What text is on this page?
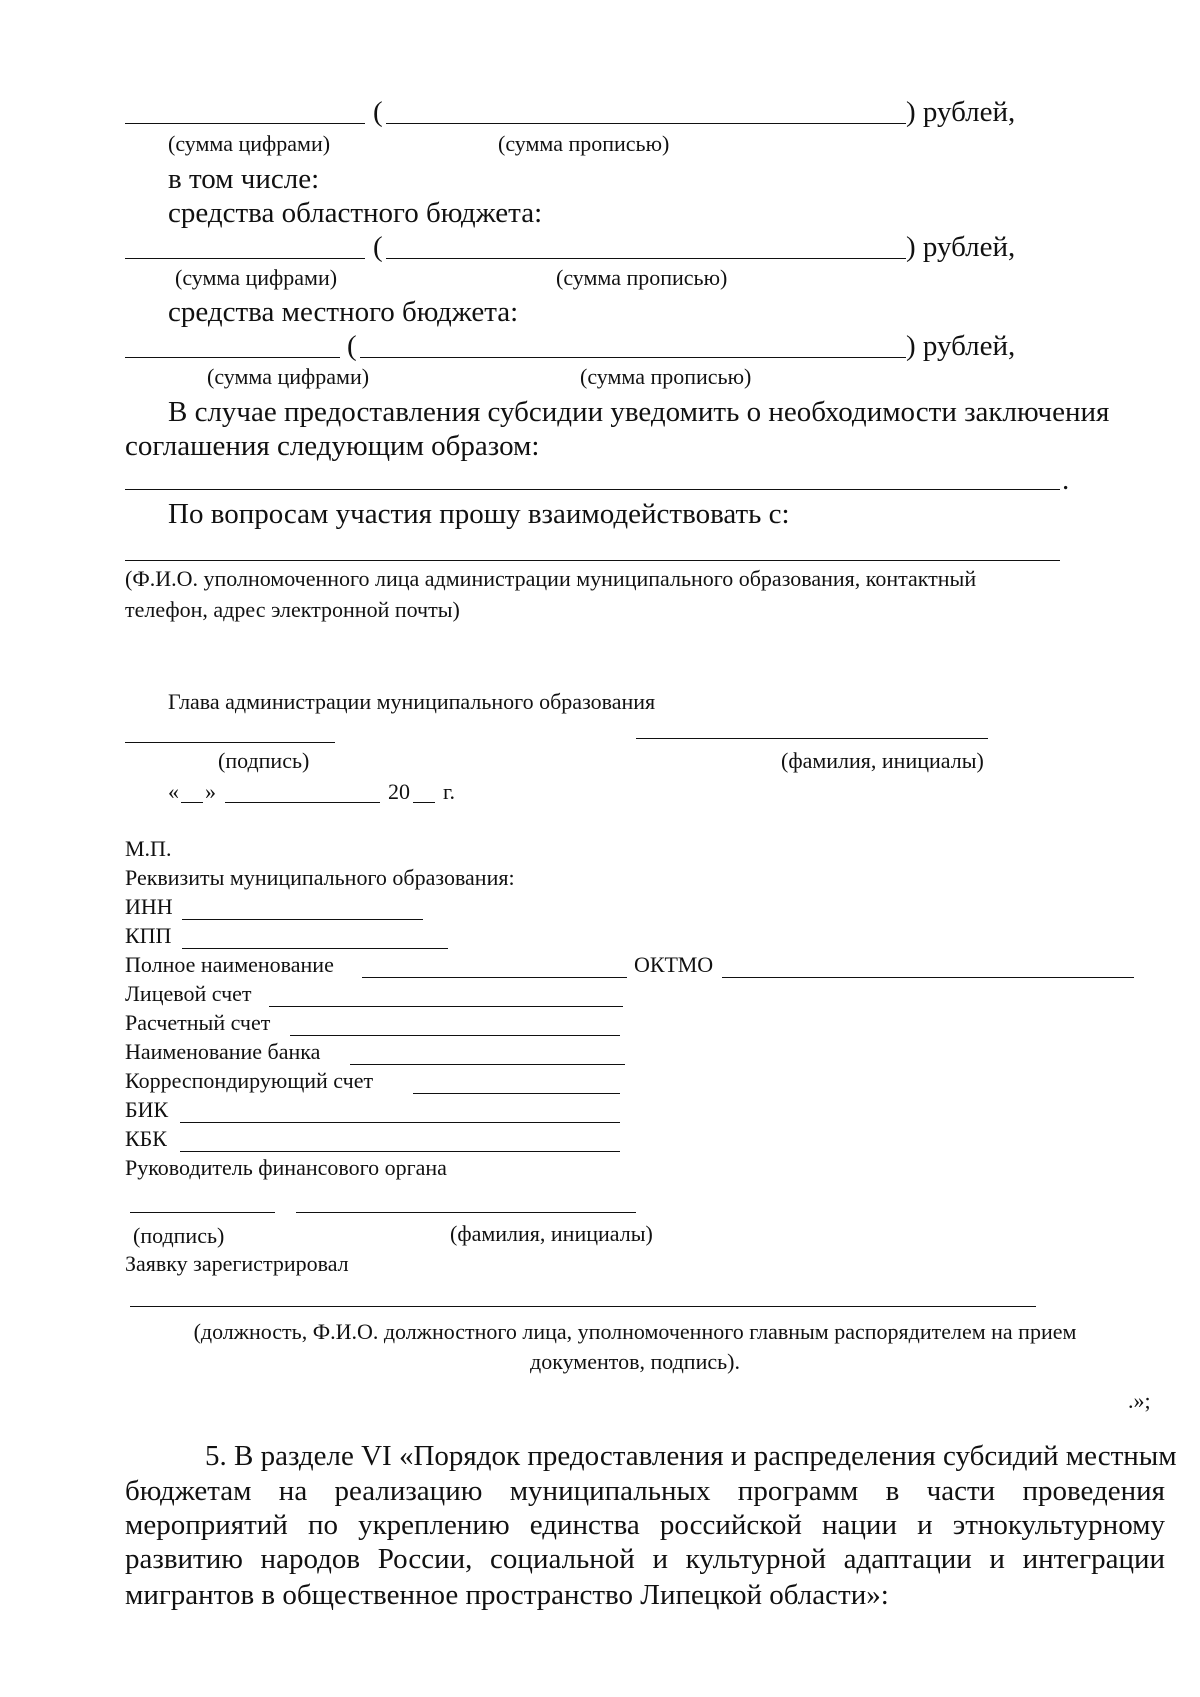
(	) рублей,
(сумма цифрами)	(сумма прописью)
в том числе:
средства областного бюджета:
(	) рублей,
(сумма цифрами)	(сумма прописью)
средства местного бюджета:
(	) рублей,
(сумма цифрами)	(сумма прописью)
В случае предоставления субсидии уведомить о необходимости заключения
соглашения следующим образом:
.
По вопросам участия прошу взаимодействовать с:
(Ф.И.О. уполномоченного лица администрации муниципального образования, контактный
телефон, адрес электронной почты)
Глава администрации муниципального образования
(подпись)	(фамилия, инициалы)
« »	20 г.
М.П.
Реквизиты муниципального образования:
ИНН
КПП
Полное наименование	ОКТМО
Лицевой счет
Расчетный счет
Наименование банка
Корреспондирующий счет
БИК
КБК
Руководитель финансового органа
(подпись)	(фамилия, инициалы)
Заявку зарегистрировал
(должность, Ф.И.О. должностного лица, уполномоченного главным распорядителем на прием
документов, подпись).
.»;
5. В разделе VI «Порядок предоставления и распределения субсидий местным
бюджетам на реализацию муниципальных программ в части проведения
мероприятий по укреплению единства российской нации и этнокультурному
развитию народов России, социальной и культурной адаптации и интеграции
мигрантов в общественное пространство Липецкой области»:
